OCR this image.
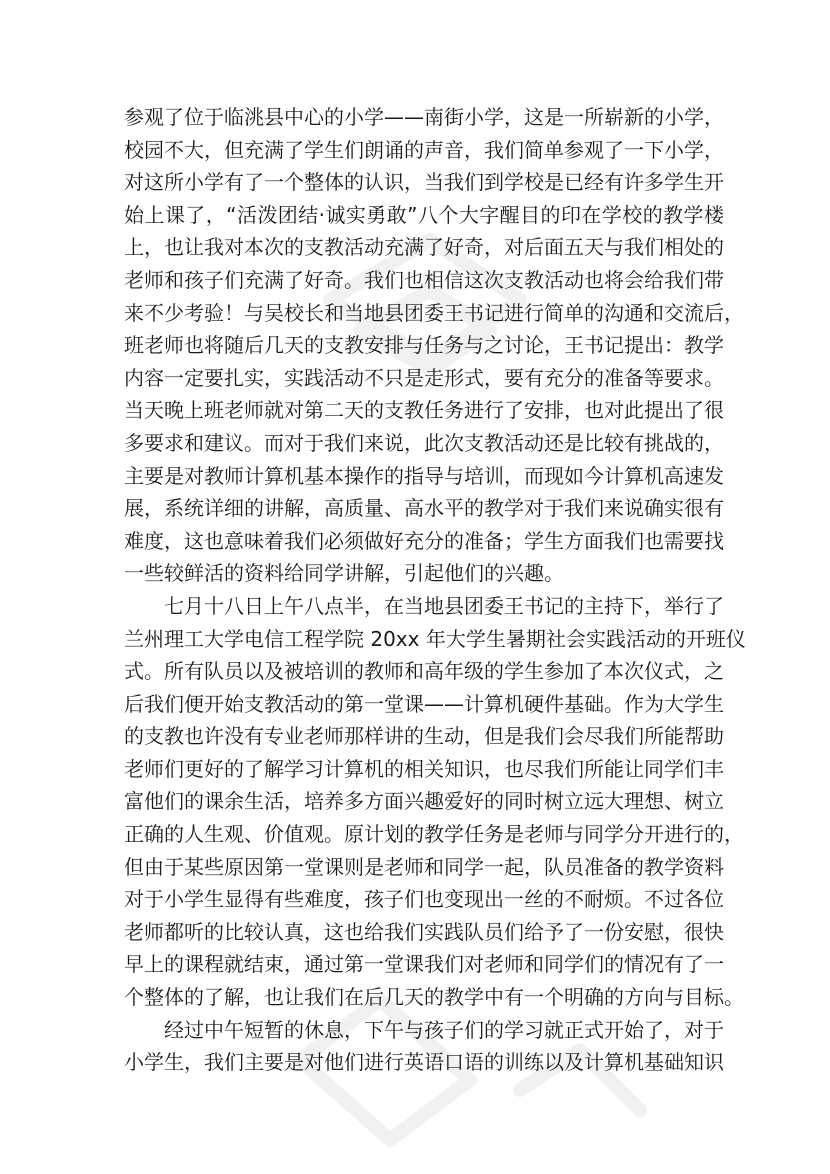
参观了位于临洮县中心的小学——南街小学，这是一所崭新的小学，
校园不大，但充满了学生们朗诵的声音，我们简单参观了一下小学，
对这所小学有了一个整体的认识，当我们到学校是已经有许多学生开
始上课了，“活泼团结·诚实勇敢”八个大字醒目的印在学校的教学楼
上，也让我对本次的支教活动充满了好奇，对后面五天与我们相处的
老师和孩子们充满了好奇。我们也相信这次支教活动也将会给我们带
来不少考验！与吴校长和当地县团委王书记进行简单的沟通和交流后，
班老师也将随后几天的支教安排与任务与之讨论，王书记提出：教学
内容一定要扎实，实践活动不只是走形式，要有充分的准备等要求。
当天晚上班老师就对第二天的支教任务进行了安排，也对此提出了很
多要求和建议。而对于我们来说，此次支教活动还是比较有挑战的，
主要是对教师计算机基本操作的指导与培训，而现如今计算机高速发
展，系统详细的讲解，高质量、高水平的教学对于我们来说确实很有
难度，这也意味着我们必须做好充分的准备；学生方面我们也需要找
一些较鲜活的资料给同学讲解，引起他们的兴趣。
七月十八日上午八点半，在当地县团委王书记的主持下，举行了
兰州理工大学电信工程学院 20xx 年大学生暑期社会实践活动的开班仪
式。所有队员以及被培训的教师和高年级的学生参加了本次仪式，之
后我们便开始支教活动的第一堂课——计算机硬件基础。作为大学生
的支教也许没有专业老师那样讲的生动，但是我们会尽我们所能帮助
老师们更好的了解学习计算机的相关知识，也尽我们所能让同学们丰
富他们的课余生活，培养多方面兴趣爱好的同时树立远大理想、树立
正确的人生观、价值观。原计划的教学任务是老师与同学分开进行的，
但由于某些原因第一堂课则是老师和同学一起，队员准备的教学资料
对于小学生显得有些难度，孩子们也变现出一丝的不耐烦。不过各位
老师都听的比较认真，这也给我们实践队员们给予了一份安慰，很快
早上的课程就结束，通过第一堂课我们对老师和同学们的情况有了一
个整体的了解，也让我们在后几天的教学中有一个明确的方向与目标。
经过中午短暂的休息，下午与孩子们的学习就正式开始了，对于
小学生，我们主要是对他们进行英语口语的训练以及计算机基础知识
